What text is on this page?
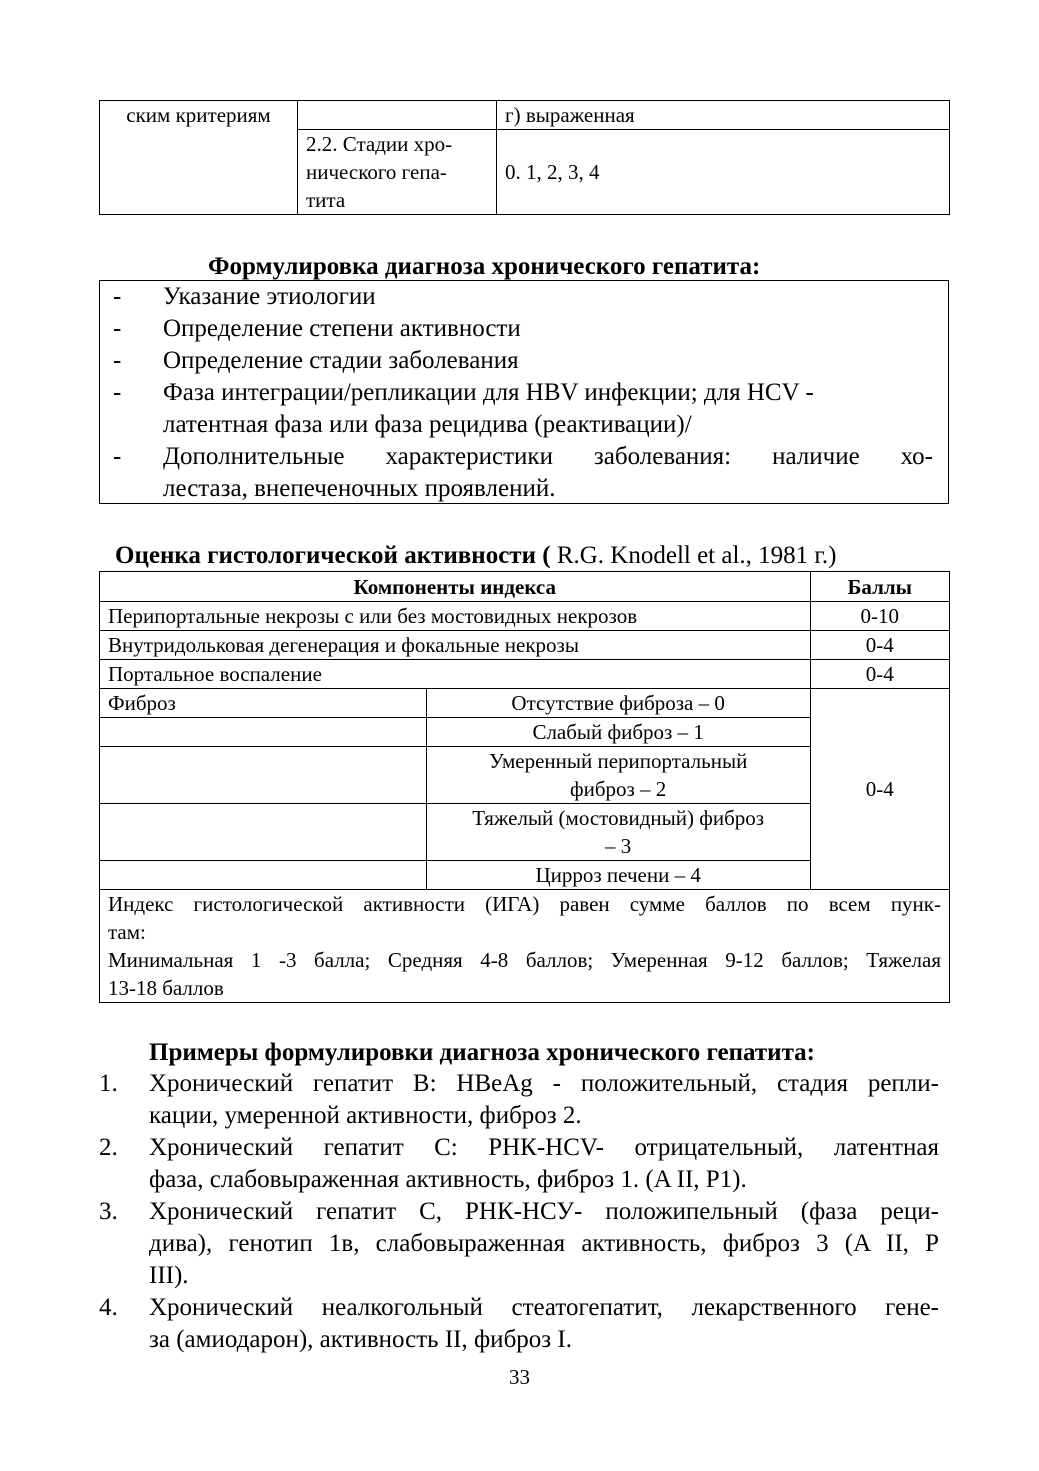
ским критериям		г) выраженная

	2.2. Стадии хро-
нического гепа-
тита	0. 1, 2, 3, 4
Формулировка диагноза хронического гепатита:
- Указание этиологии
- Определение степени активности
- Определение стадии заболевания
- Фаза интеграции/репликации для HBV инфекции; для HCV -
латентная фаза или фаза рецидива (реактивации)/
- Дополнительные характеристики заболевания: наличие хо-
лестаза, внепеченочных проявлений.
Оценка гистологической активности ( R.G. Knodell et al., 1981 г.)
Компоненты индекса		Баллы
Перипортальные некрозы с или без мостовидных некрозов		0-10
Внутридольковая дегенерация и фокальные некрозы		0-4
Портальное воспаление		0-4
Фиброз	Отсутствие фиброза – 0	0-4
	Слабый фиброз – 1	

	Умеренный перипортальный
фиброз – 2	

	Тяжелый (мостовидный) фиброз
– 3	

	Цирроз печени – 4	

Индекс гистологической активности (ИГА) равен сумме баллов по всем пунк-
там:
Минимальная 1 -3 балла; Средняя 4-8 баллов; Умеренная 9-12 баллов; Тяжелая
13-18 баллов		
Примеры формулировки диагноза хронического гепатита:
1. Хронический гепатит В: HBeAg - положительный, стадия репли-
кации, умеренной активности, фиброз 2.
2. Хронический гепатит С: РНК-HCV- отрицательный, латентная
фаза, слабовыраженная активность, фиброз 1. (A II, P1).
3. Хронический гепатит С, РНК-НСУ- положипельный (фаза реци-
дива), генотип 1в, слабовыраженная активность, фиброз 3 (A II, P
III).
4. Хронический неалкогольный стеатогепатит, лекарственного гене-
за (амиодарон), активность II, фиброз I.
33
